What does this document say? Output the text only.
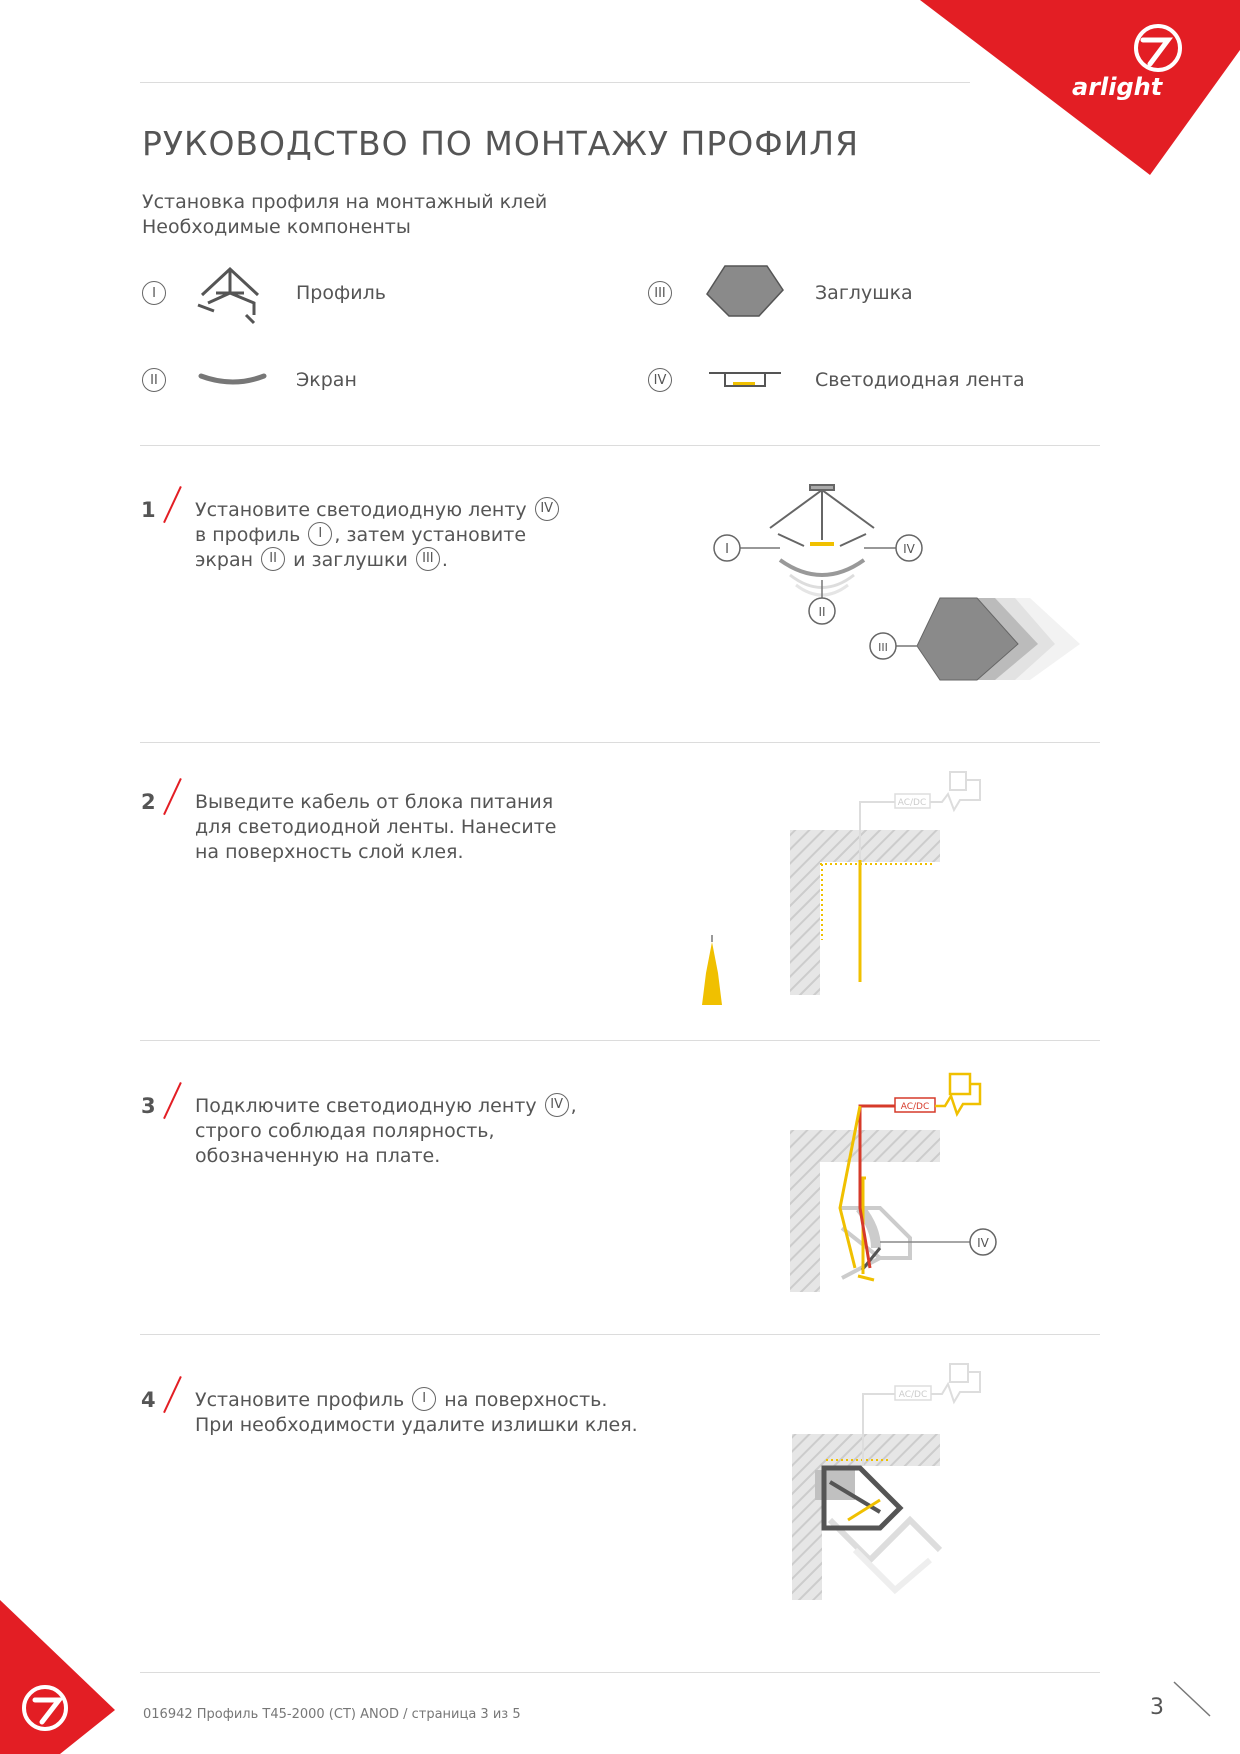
arlight
РУКОВОДСТВО ПО МОНТАЖУ ПРОФИЛЯ
Установка профиля на монтажный клей
Необходимые компоненты
I	Профиль
II	Экран
III	Заглушка
IV	Светодиодная лента
1 Установите светодиодную ленту IV
в профиль I , затем установите
экран II и заглушки III .	I	IV
II
III
2 Выведите кабель от блока питания
для светодиодной ленты. Нанесите
на поверхность слой клея.
AC/DC
3 Подключите светодиодную ленту IV ,
строго соблюдая полярность,
обозначенную на плате.
AC/DC
IV
4 Установите профиль I на поверхность.
При необходимости удалите излишки клея.
AC/DC
016942 Профиль T45-2000 (CT) ANOD / страница 3 из 5	3
